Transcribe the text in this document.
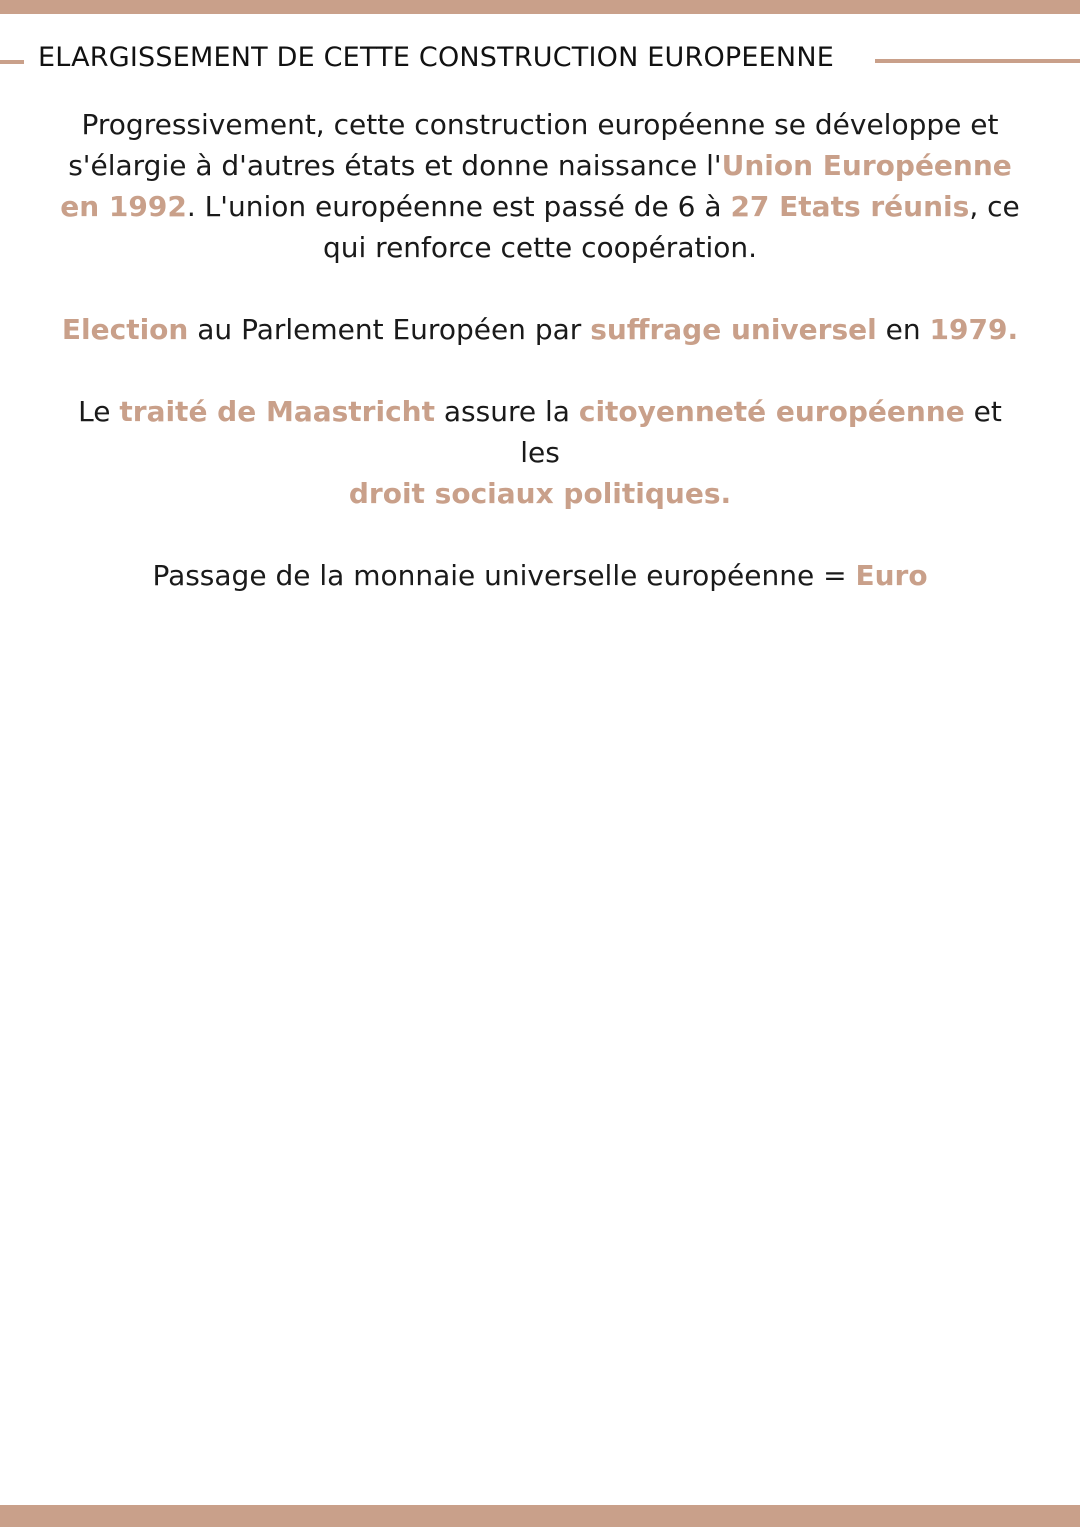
ELARGISSEMENT DE CETTE CONSTRUCTION EUROPEENNE

Progressivement, cette construction européenne se développe et s'élargie à d'autres états et donne naissance l'Union Européenne en 1992. L'union européenne est passé de 6 à 27 Etats réunis, ce qui renforce cette coopération.

Election au Parlement Européen par suffrage universel en 1979.

Le traité de Maastricht assure la citoyenneté européenne et les
droit sociaux politiques.

Passage de la monnaie universelle européenne = Euro
